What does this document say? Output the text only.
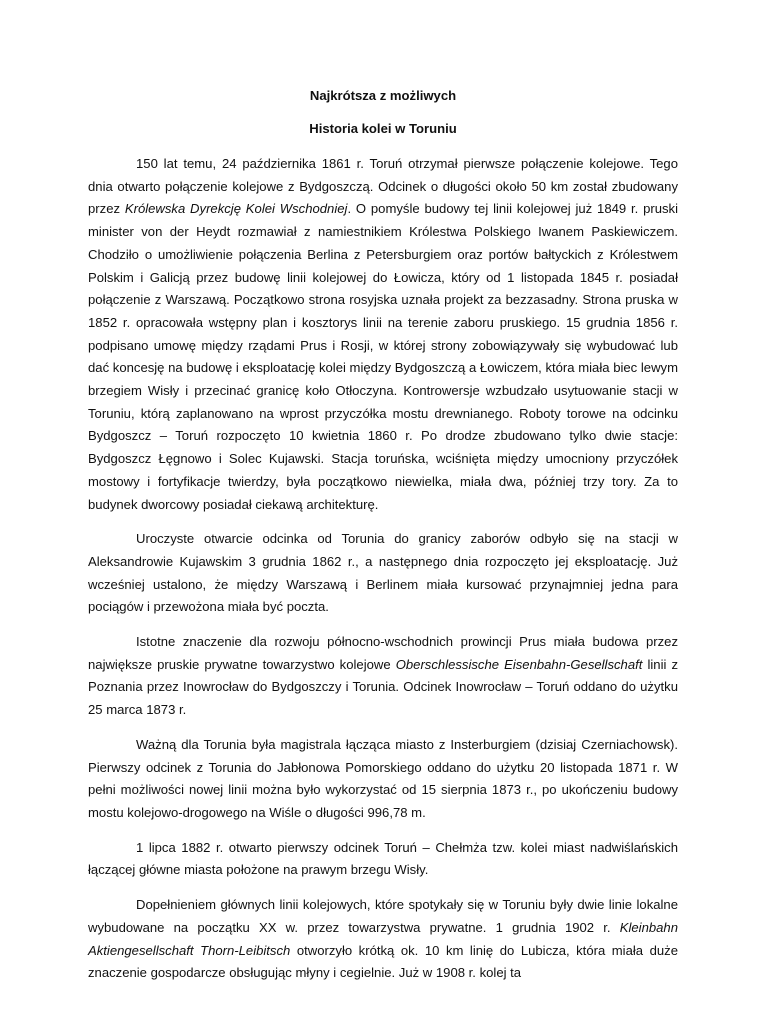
Najkrótsza z możliwych

Historia kolei w Toruniu

150 lat temu, 24 października 1861 r. Toruń otrzymał pierwsze połączenie kolejowe. Tego dnia otwarto połączenie kolejowe z Bydgoszczą. Odcinek o długości około 50 km został zbudowany przez Królewska Dyrekcję Kolei Wschodniej. O pomyśle budowy tej linii kolejowej już 1849 r. pruski minister von der Heydt rozmawiał z namiestnikiem Królestwa Polskiego Iwanem Paskiewiczem. Chodziło o umożliwienie połączenia Berlina z Petersburgiem oraz portów bałtyckich z Królestwem Polskim i Galicją przez budowę linii kolejowej do Łowicza, który od 1 listopada 1845 r. posiadał połączenie z Warszawą. Początkowo strona rosyjska uznała projekt za bezzasadny. Strona pruska w 1852 r. opracowała wstępny plan i kosztorys linii na terenie zaboru pruskiego. 15 grudnia 1856 r. podpisano umowę między rządami Prus i Rosji, w której strony zobowiązywały się wybudować lub dać koncesję na budowę i eksploatację kolei między Bydgoszczą a Łowiczem, która miała biec lewym brzegiem Wisły i przecinać granicę koło Otłoczyna. Kontrowersje wzbudzało usytuowanie stacji w Toruniu, którą zaplanowano na wprost przyczółka mostu drewnianego. Roboty torowe na odcinku Bydgoszcz – Toruń rozpoczęto 10 kwietnia 1860 r. Po drodze zbudowano tylko dwie stacje: Bydgoszcz Łęgnowo i Solec Kujawski. Stacja toruńska, wciśnięta między umocniony przyczółek mostowy i fortyfikacje twierdzy, była początkowo niewielka, miała dwa, później trzy tory. Za to budynek dworcowy posiadał ciekawą architekturę.

Uroczyste otwarcie odcinka od Torunia do granicy zaborów odbyło się na stacji w Aleksandrowie Kujawskim 3 grudnia 1862 r., a następnego dnia rozpoczęto jej eksploatację. Już wcześniej ustalono, że między Warszawą i Berlinem miała kursować przynajmniej jedna para pociągów i przewożona miała być poczta.

Istotne znaczenie dla rozwoju północno-wschodnich prowincji Prus miała budowa przez największe pruskie prywatne towarzystwo kolejowe Oberschlessische Eisenbahn-Gesellschaft linii z Poznania przez Inowrocław do Bydgoszczy i Torunia. Odcinek Inowrocław – Toruń oddano do użytku 25 marca 1873 r.

Ważną dla Torunia była magistrala łącząca miasto z Insterburgiem (dzisiaj Czerniachowsk). Pierwszy odcinek z Torunia do Jabłonowa Pomorskiego oddano do użytku 20 listopada 1871 r. W pełni możliwości nowej linii można było wykorzystać od 15 sierpnia 1873 r., po ukończeniu budowy mostu kolejowo-drogowego na Wiśle o długości 996,78 m.

1 lipca 1882 r. otwarto pierwszy odcinek Toruń – Chełmża tzw. kolei miast nadwiślańskich łączącej główne miasta położone na prawym brzegu Wisły.

Dopełnieniem głównych linii kolejowych, które spotykały się w Toruniu były dwie linie lokalne wybudowane na początku XX w. przez towarzystwa prywatne. 1 grudnia 1902 r. Kleinbahn Aktiengesellschaft Thorn-Leibitsch otworzyło krótką ok. 10 km linię do Lubicza, która miała duże znaczenie gospodarcze obsługując młyny i cegielnie. Już w 1908 r. kolej ta
